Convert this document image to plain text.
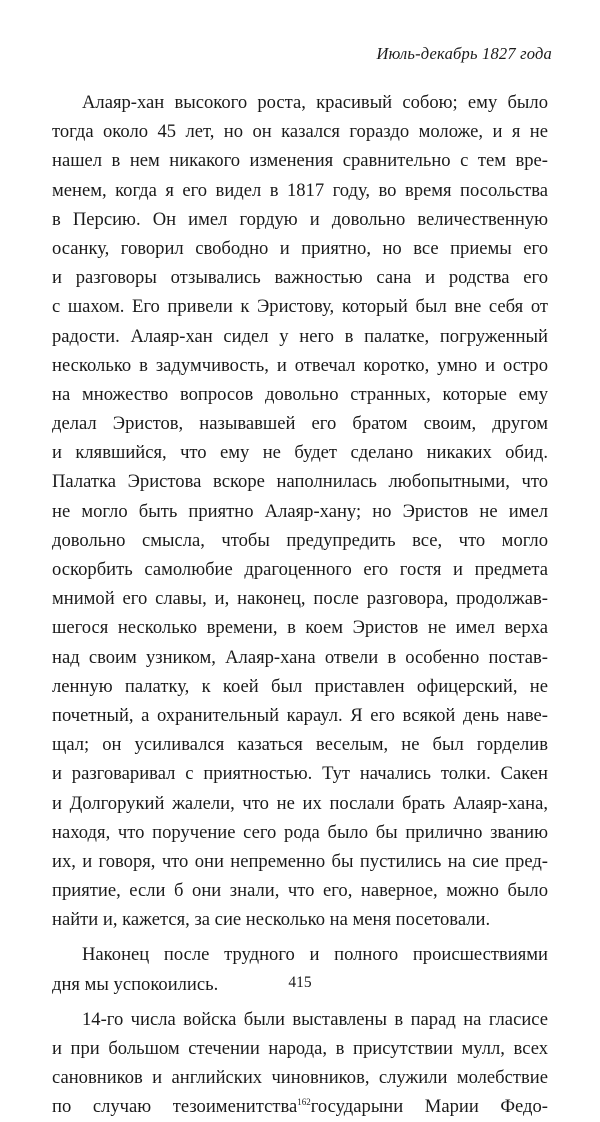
Июль-декабрь 1827 года
Алаяр-хан высокого роста, красивый собою; ему было
тогда около 45 лет, но он казался гораздо моложе, и я не
нашел в нем никакого изменения сравнительно с тем вре-
менем, когда я его видел в 1817 году, во время посольства
в Персию. Он имел гордую и довольно величественную
осанку, говорил свободно и приятно, но все приемы его
и разговоры отзывались важностью сана и родства его
с шахом. Его привели к Эристову, который был вне себя от
радости. Алаяр-хан сидел у него в палатке, погруженный
несколько в задумчивость, и отвечал коротко, умно и остро
на множество вопросов довольно странных, которые ему
делал Эристов, называвшей его братом своим, другом
и клявшийся, что ему не будет сделано никаких обид.
Палатка Эристова вскоре наполнилась любопытными, что
не могло быть приятно Алаяр-хану; но Эристов не имел
довольно смысла, чтобы предупредить все, что могло
оскорбить самолюбие драгоценного его гостя и предмета
мнимой его славы, и, наконец, после разговора, продолжав-
шегося несколько времени, в коем Эристов не имел верха
над своим узником, Алаяр-хана отвели в особенно постав-
ленную палатку, к коей был приставлен офицерский, не
почетный, а охранительный караул. Я его всякой день наве-
щал; он усиливался казаться веселым, не был горделив
и разговаривал с приятностью. Тут начались толки. Сакен
и Долгорукий жалели, что не их послали брать Алаяр-хана,
находя, что поручение сего рода было бы прилично званию
их, и говоря, что они непременно бы пустились на сие пред-
приятие, если б они знали, что его, наверное, можно было
найти и, кажется, за сие несколько на меня посетовали.
Наконец после трудного и полного происшествиями
дня мы успокоились.
14-го числа войска были выставлены в парад на гласисе
и при большом стечении народа, в присутствии мулл, всех
сановников и английских чиновников, служили молебствие
по случаю тезоименитства$^{162}$государыни Марии Федо-
415
